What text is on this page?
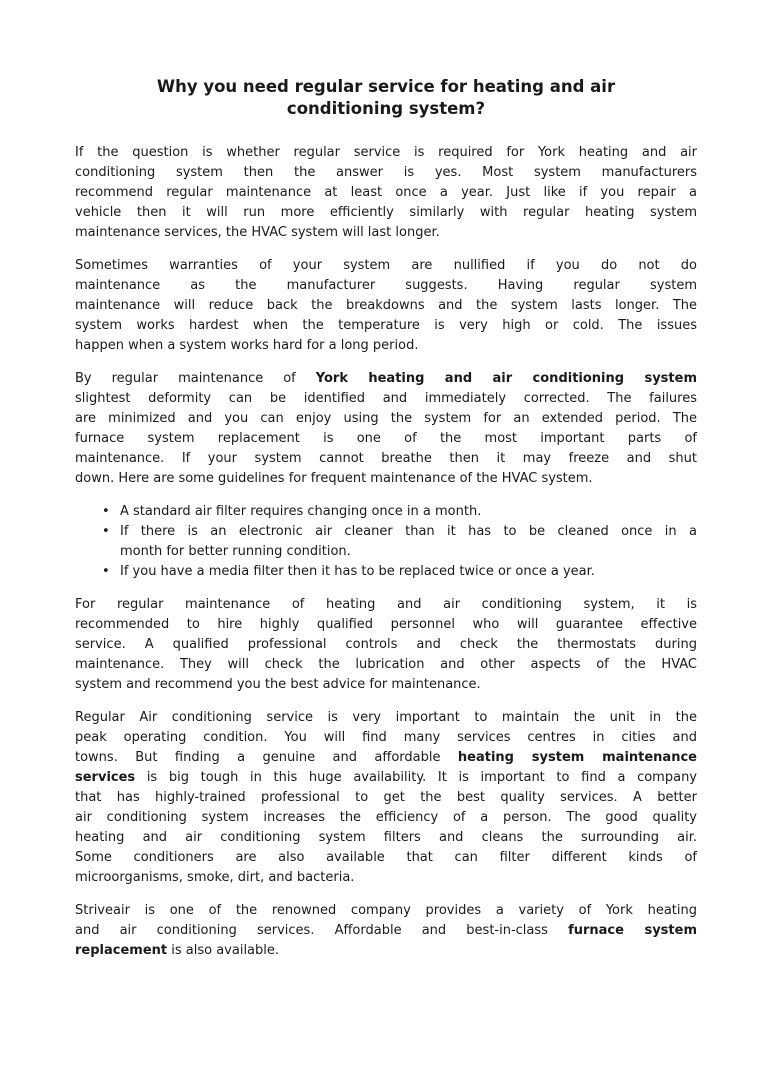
Why you need regular service for heating and air
conditioning system?
If the question is whether regular service is required for York heating and air
conditioning system then the answer is yes. Most system manufacturers
recommend regular maintenance at least once a year. Just like if you repair a
vehicle then it will run more efficiently similarly with regular heating system
maintenance services, the HVAC system will last longer.
Sometimes warranties of your system are nullified if you do not do
maintenance as the manufacturer suggests. Having regular system
maintenance will reduce back the breakdowns and the system lasts longer. The
system works hardest when the temperature is very high or cold. The issues
happen when a system works hard for a long period.
By regular maintenance of York heating and air conditioning system
slightest deformity can be identified and immediately corrected. The failures
are minimized and you can enjoy using the system for an extended period. The
furnace system replacement is one of the most important parts of
maintenance. If your system cannot breathe then it may freeze and shut
down. Here are some guidelines for frequent maintenance of the HVAC system.
• A standard air filter requires changing once in a month.
• If there is an electronic air cleaner than it has to be cleaned once in a
month for better running condition.
• If you have a media filter then it has to be replaced twice or once a year.
For regular maintenance of heating and air conditioning system, it is
recommended to hire highly qualified personnel who will guarantee effective
service. A qualified professional controls and check the thermostats during
maintenance. They will check the lubrication and other aspects of the HVAC
system and recommend you the best advice for maintenance.
Regular Air conditioning service is very important to maintain the unit in the
peak operating condition. You will find many services centres in cities and
towns. But finding a genuine and affordable heating system maintenance
services is big tough in this huge availability. It is important to find a company
that has highly-trained professional to get the best quality services. A better
air conditioning system increases the efficiency of a person. The good quality
heating and air conditioning system filters and cleans the surrounding air.
Some conditioners are also available that can filter different kinds of
microorganisms, smoke, dirt, and bacteria.
Striveair is one of the renowned company provides a variety of York heating
and air conditioning services. Affordable and best-in-class furnace system
replacement is also available.
